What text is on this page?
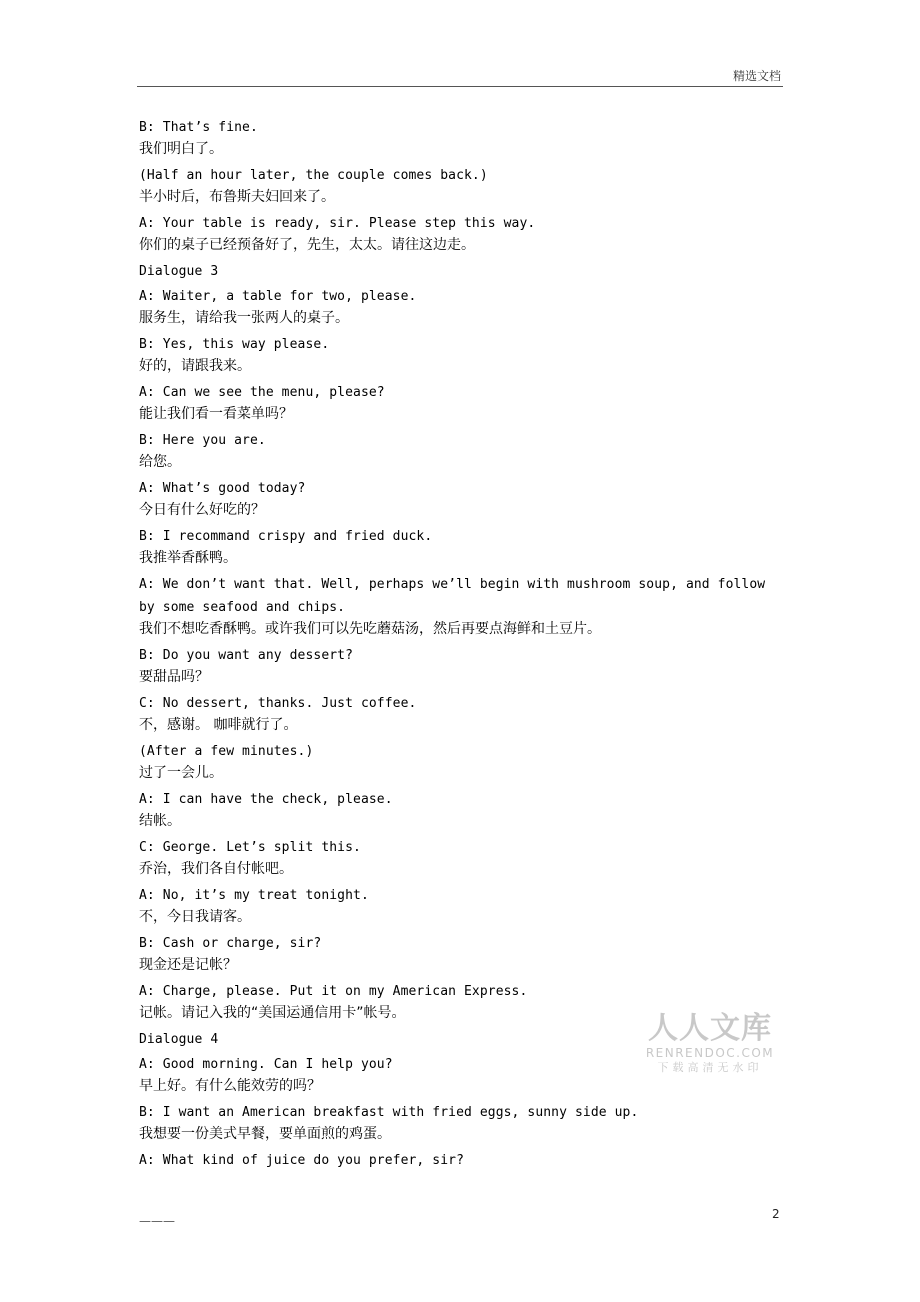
精选文档
B: That’s fine.
我们明白了。
(Half an hour later, the couple comes back.)
半小时后，布鲁斯夫妇回来了。
A: Your table is ready, sir. Please step this way.
你们的桌子已经预备好了，先生，太太。请往这边走。
Dialogue 3
A: Waiter, a table for two, please.
服务生，请给我一张两人的桌子。
B: Yes, this way please.
好的，请跟我来。
A: Can we see the menu, please?
能让我们看一看菜单吗？
B: Here you are.
给您。
A: What’s good today?
今日有什么好吃的？
B: I recommand crispy and fried duck.
我推举香酥鸭。
A: We don’t want that. Well, perhaps we’ll begin with mushroom soup, and follow by some seafood and chips.
我们不想吃香酥鸭。或许我们可以先吃蘑菇汤，然后再要点海鲜和土豆片。
B: Do you want any dessert?
要甜品吗？
C: No dessert, thanks. Just coffee.
不，感谢。 咖啡就行了。
(After a few minutes.)
过了一会儿。
A: I can have the check, please.
结帐。
C: George. Let’s split this.
乔治，我们各自付帐吧。
A: No, it’s my treat tonight.
不，今日我请客。
B: Cash or charge, sir?
现金还是记帐？
A: Charge, please. Put it on my American Express.
记帐。请记入我的“美国运通信用卡”帐号。
Dialogue 4
A: Good morning. Can I help you?
早上好。有什么能效劳的吗？
B: I want an American breakfast with fried eggs, sunny side up.
我想要一份美式早餐，要单面煎的鸡蛋。
A: What kind of juice do you prefer, sir?
人人文库
RENRENDOC.COM
下载高清无水印
———	2
